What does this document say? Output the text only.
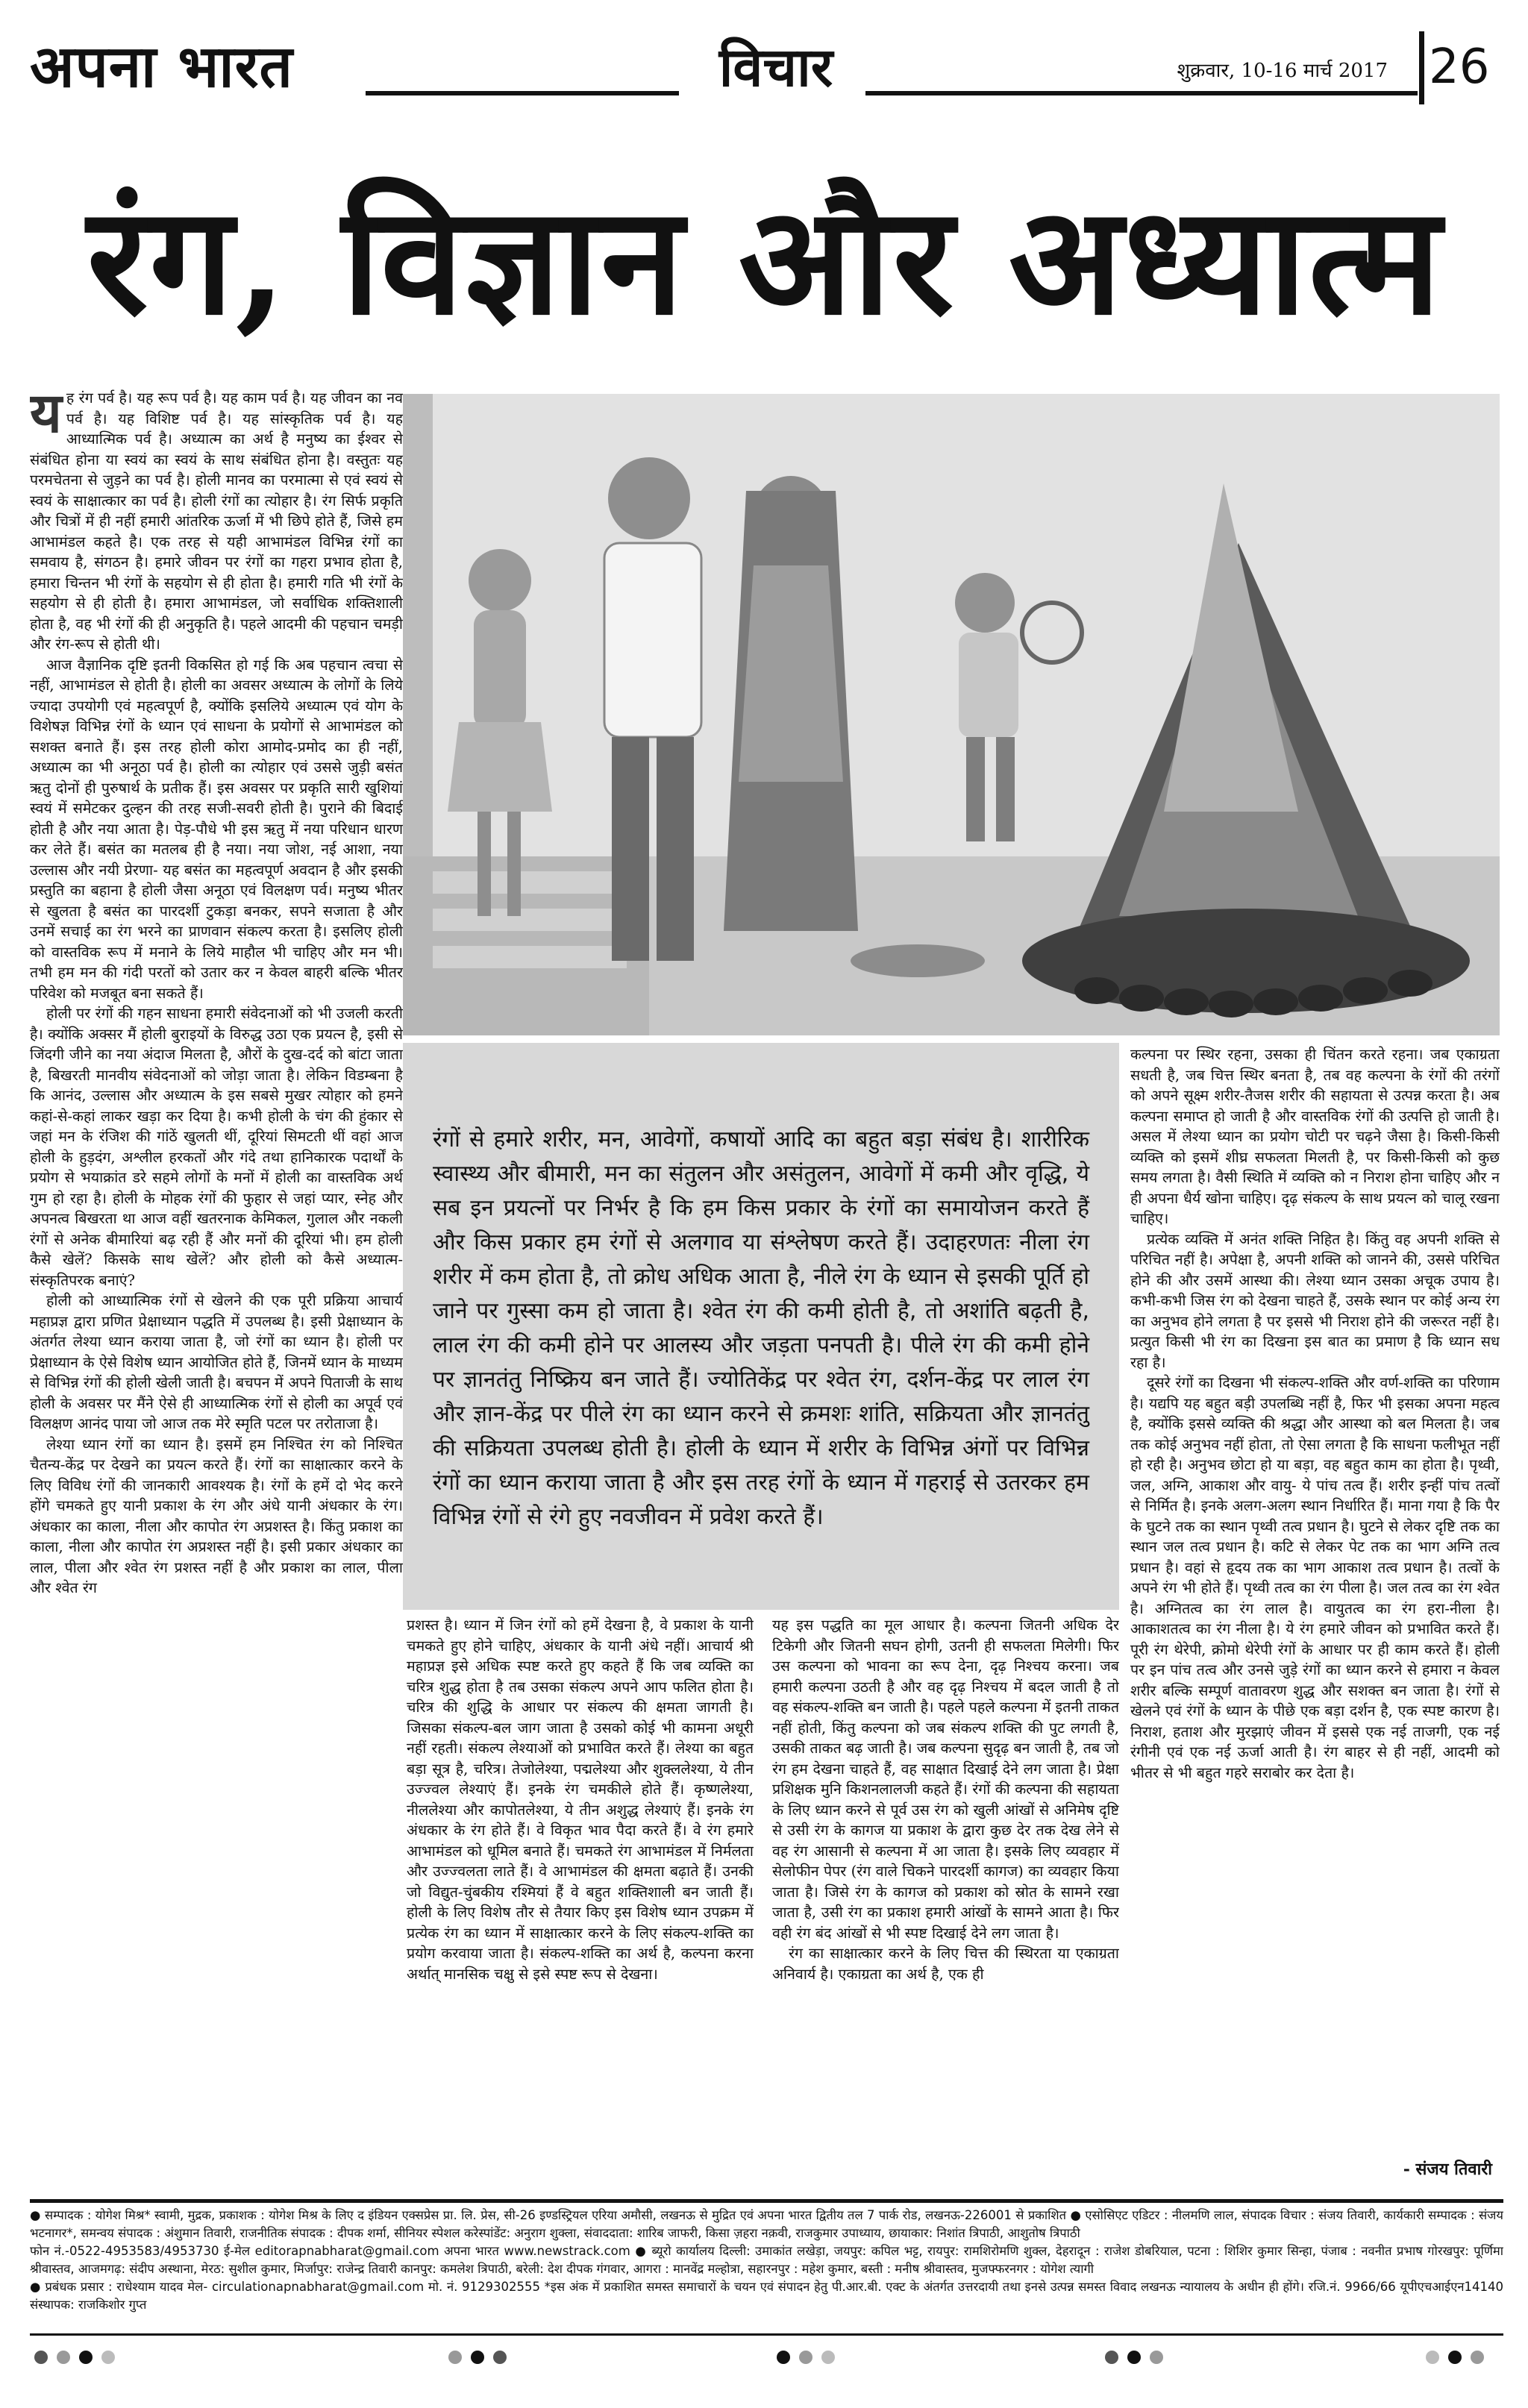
अपना भारत	विचार	शुक्रवार, 10-16 मार्च 2017 26
रंग, विज्ञान और अध्यात्म
य ह रंग पर्व है। यह रूप पर्व है। यह काम पर्व है। यह जीवन का नव पर्व है। यह विशिष्ट पर्व है। यह सांस्कृतिक पर्व है। यह आध्यात्मिक पर्व है। अध्यात्म का अर्थ है मनुष्य का ईश्वर से संबंधित होना या स्वयं का स्वयं के साथ संबंधित होना है। वस्तुतः यह परमचेतना से जुड़ने का पर्व है। होली मानव का परमात्मा से एवं स्वयं से स्वयं के साक्षात्कार का पर्व है। होली रंगों का त्योहार है। रंग सिर्फ प्रकृति और चित्रों में ही नहीं हमारी आंतरिक ऊर्जा में भी छिपे होते हैं, जिसे हम आभामंडल कहते है। एक तरह से यही आभामंडल विभिन्न रंगों का समवाय है, संगठन है। हमारे जीवन पर रंगों का गहरा प्रभाव होता है, हमारा चिन्तन भी रंगों के सहयोग से ही होता है। हमारी गति भी रंगों के सहयोग से ही होती है। हमारा आभामंडल, जो सर्वाधिक शक्तिशाली होता है, वह भी रंगों की ही अनुकृति है। पहले आदमी की पहचान चमड़ी और रंग-रूप से होती थी।

आज वैज्ञानिक दृष्टि इतनी विकसित हो गई कि अब पहचान त्वचा से नहीं, आभामंडल से होती है। होली का अवसर अध्यात्म के लोगों के लिये ज्यादा उपयोगी एवं महत्वपूर्ण है, क्योंकि इसलिये अध्यात्म एवं योग के विशेषज्ञ विभिन्न रंगों के ध्यान एवं साधना के प्रयोगों से आभामंडल को सशक्त बनाते हैं। इस तरह होली कोरा आमोद-प्रमोद का ही नहीं, अध्यात्म का भी अनूठा पर्व है। होली का त्योहार एवं उससे जुड़ी बसंत ऋतु दोनों ही पुरुषार्थ के प्रतीक हैं। इस अवसर पर प्रकृति सारी खुशियां स्वयं में समेटकर दुल्हन की तरह सजी-सवरी होती है। पुराने की बिदाई होती है और नया आता है। पेड़-पौधे भी इस ऋतु में नया परिधान धारण कर लेते हैं। बसंत का मतलब ही है नया। नया जोश, नई आशा, नया उल्लास और नयी प्रेरणा- यह बसंत का महत्वपूर्ण अवदान है और इसकी प्रस्तुति का बहाना है होली जैसा अनूठा एवं विलक्षण पर्व। मनुष्य भीतर से खुलता है बसंत का पारदर्शी टुकड़ा बनकर, सपने सजाता है और उनमें सचाई का रंग भरने का प्राणवान संकल्प करता है। इसलिए होली को वास्तविक रूप में मनाने के लिये माहौल भी चाहिए और मन भी। तभी हम मन की गंदी परतों को उतार कर न केवल बाहरी बल्कि भीतर परिवेश को मजबूत बना सकते हैं।

होली पर रंगों की गहन साधना हमारी संवेदनाओं को भी उजली करती है। क्योंकि अक्सर मैं होली बुराइयों के विरुद्ध उठा एक प्रयत्न है, इसी से जिंदगी जीने का नया अंदाज मिलता है, औरों के दुख-दर्द को बांटा जाता है, बिखरती मानवीय संवेदनाओं को जोड़ा जाता है। लेकिन विडम्बना है कि आनंद, उल्लास और अध्यात्म के इस सबसे मुखर त्योहार को हमने कहां-से-कहां लाकर खड़ा कर दिया है। कभी होली के चंग की हुंकार से जहां मन के रंजिश की गांठें खुलती थीं, दूरियां सिमटती थीं वहां आज होली के हुड़दंग, अश्लील हरकतों और गंदे तथा हानिकारक पदार्थों के प्रयोग से भयाक्रांत डरे सहमे लोगों के मनों में होली का वास्तविक अर्थ गुम हो रहा है। होली के मोहक रंगों की फुहार से जहां प्यार, स्नेह और अपनत्व बिखरता था आज वहीं खतरनाक केमिकल, गुलाल और नकली रंगों से अनेक बीमारियां बढ़ रही हैं और मनों की दूरियां भी। हम होली कैसे खेलें? किसके साथ खेलें? और होली को कैसे अध्यात्म-संस्कृतिपरक बनाएं?

होली को आध्यात्मिक रंगों से खेलने की एक पूरी प्रक्रिया आचार्य महाप्रज्ञ द्वारा प्रणित प्रेक्षाध्यान पद्धति में उपलब्ध है। इसी प्रेक्षाध्यान के अंतर्गत लेश्या ध्यान कराया जाता है, जो रंगों का ध्यान है। होली पर प्रेक्षाध्यान के ऐसे विशेष ध्यान आयोजित होते हैं, जिनमें ध्यान के माध्यम से विभिन्न रंगों की होली खेली जाती है। बचपन में अपने पिताजी के साथ होली के अवसर पर मैंने ऐसे ही आध्यात्मिक रंगों से होली का अपूर्व एवं विलक्षण आनंद पाया जो आज तक मेरे स्मृति पटल पर तरोताजा है।

लेश्या ध्यान रंगों का ध्यान है। इसमें हम निश्चित रंग को निश्चित चैतन्य-केंद्र पर देखने का प्रयत्न करते हैं। रंगों का साक्षात्कार करने के लिए विविध रंगों की जानकारी आवश्यक है। रंगों के हमें दो भेद करने होंगे चमकते हुए यानी प्रकाश के रंग और अंधे यानी अंधकार के रंग। अंधकार का काला, नीला और कापोत रंग अप्रशस्त है। किंतु प्रकाश का काला, नीला और कापोत रंग अप्रशस्त नहीं है। इसी प्रकार अंधकार का लाल, पीला और श्वेत रंग प्रशस्त नहीं है और प्रकाश का लाल, पीला और श्वेत रंग

रंगों से हमारे शरीर, मन, आवेगों, कषायों आदि का बहुत बड़ा संबंध है। शारीरिक स्वास्थ्य और बीमारी, मन का संतुलन और असंतुलन, आवेगों में कमी और वृद्धि, ये सब इन प्रयत्नों पर निर्भर है कि हम किस प्रकार के रंगों का समायोजन करते हैं और किस प्रकार हम रंगों से अलगाव या संश्लेषण करते हैं। उदाहरणतः नीला रंग शरीर में कम होता है, तो क्रोध अधिक आता है, नीले रंग के ध्यान से इसकी पूर्ति हो जाने पर गुस्सा कम हो जाता है। श्वेत रंग की कमी होती है, तो अशांति बढ़ती है, लाल रंग की कमी होने पर आलस्य और जड़ता पनपती है। पीले रंग की कमी होने पर ज्ञानतंतु निष्क्रिय बन जाते हैं। ज्योतिकेंद्र पर श्वेत रंग, दर्शन-केंद्र पर लाल रंग और ज्ञान-केंद्र पर पीले रंग का ध्यान करने से क्रमशः शांति, सक्रियता और ज्ञानतंतु की सक्रियता उपलब्ध होती है। होली के ध्यान में शरीर के विभिन्न अंगों पर विभिन्न रंगों का ध्यान कराया जाता है और इस तरह रंगों के ध्यान में गहराई से उतरकर हम विभिन्न रंगों से रंगे हुए नवजीवन में प्रवेश करते हैं।

कल्पना पर स्थिर रहना, उसका ही चिंतन करते रहना। जब एकाग्रता सधती है, जब चित्त स्थिर बनता है, तब वह कल्पना के रंगों की तरंगों को अपने सूक्ष्म शरीर-तैजस शरीर की सहायता से उत्पन्न करता है। अब कल्पना समाप्त हो जाती है और वास्तविक रंगों की उत्पत्ति हो जाती है। असल में लेश्या ध्यान का प्रयोग चोटी पर चढ़ने जैसा है। किसी-किसी व्यक्ति को इसमें शीघ्र सफलता मिलती है, पर किसी-किसी को कुछ समय लगता है। वैसी स्थिति में व्यक्ति को न निराश होना चाहिए और न ही अपना धैर्य खोना चाहिए। दृढ़ संकल्प के साथ प्रयत्न को चालू रखना चाहिए।

प्रत्येक व्यक्ति में अनंत शक्ति निहित है। किंतु वह अपनी शक्ति से परिचित नहीं है। अपेक्षा है, अपनी शक्ति को जानने की, उससे परिचित होने की और उसमें आस्था की। लेश्या ध्यान उसका अचूक उपाय है। कभी-कभी जिस रंग को देखना चाहते हैं, उसके स्थान पर कोई अन्य रंग का अनुभव होने लगता है पर इससे भी निराश होने की जरूरत नहीं है। प्रत्युत किसी भी रंग का दिखना इस बात का प्रमाण है कि ध्यान सध रहा है।

दूसरे रंगों का दिखना भी संकल्प-शक्ति और वर्ण-शक्ति का परिणाम है। यद्यपि यह बहुत बड़ी उपलब्धि नहीं है, फिर भी इसका अपना महत्व है, क्योंकि इससे व्यक्ति की श्रद्धा और आस्था को बल मिलता है। जब तक कोई अनुभव नहीं होता, तो ऐसा लगता है कि साधना फलीभूत नहीं हो रही है। अनुभव छोटा हो या बड़ा, वह बहुत काम का होता है। पृथ्वी, जल, अग्नि, आकाश और वायु- ये पांच तत्व हैं। शरीर इन्हीं पांच तत्वों से निर्मित है। इनके अलग-अलग स्थान निर्धारित हैं। माना गया है कि पैर के घुटने तक का स्थान पृथ्वी तत्व प्रधान है। घुटने से लेकर दृष्टि तक का स्थान जल तत्व प्रधान है। कटि से लेकर पेट तक का भाग अग्नि तत्व प्रधान है। वहां से हृदय तक का भाग आकाश तत्व प्रधान है। तत्वों के अपने रंग भी होते हैं। पृथ्वी तत्व का रंग पीला है। जल तत्व का रंग श्वेत है। अग्नितत्व का रंग लाल है। वायुतत्व का रंग हरा-नीला है। आकाशतत्व का रंग नीला है। ये रंग हमारे जीवन को प्रभावित करते हैं। पूरी रंग थेरेपी, क्रोमो थेरेपी रंगों के आधार पर ही काम करते हैं। होली पर इन पांच तत्व और उनसे जुड़े रंगों का ध्यान करने से हमारा न केवल शरीर बल्कि सम्पूर्ण वातावरण शुद्ध और सशक्त बन जाता है। रंगों से खेलने एवं रंगों के ध्यान के पीछे एक बड़ा दर्शन है, एक स्पष्ट कारण है। निराश, हताश और मुरझाएं जीवन में इससे एक नई ताजगी, एक नई रंगीनी एवं एक नई ऊर्जा आती है। रंग बाहर से ही नहीं, आदमी को भीतर से भी बहुत गहरे सराबोर कर देता है।

प्रशस्त है। ध्यान में जिन रंगों को हमें देखना है, वे प्रकाश के यानी चमकते हुए होने चाहिए, अंधकार के यानी अंधे नहीं। आचार्य श्री महाप्रज्ञ इसे अधिक स्पष्ट करते हुए कहते हैं कि जब व्यक्ति का चरित्र शुद्ध होता है तब उसका संकल्प अपने आप फलित होता है। चरित्र की शुद्धि के आधार पर संकल्प की क्षमता जागती है। जिसका संकल्प-बल जाग जाता है उसको कोई भी कामना अधूरी नहीं रहती। संकल्प लेश्याओं को प्रभावित करते हैं। लेश्या का बहुत बड़ा सूत्र है, चरित्र। तेजोलेश्या, पद्मलेश्या और शुक्ललेश्या, ये तीन उज्ज्वल लेश्याएं हैं। इनके रंग चमकीले होते हैं। कृष्णलेश्या, नीललेश्या और कापोतलेश्या, ये तीन अशुद्ध लेश्याएं हैं। इनके रंग अंधकार के रंग होते हैं। वे विकृत भाव पैदा करते हैं। वे रंग हमारे आभामंडल को धूमिल बनाते हैं। चमकते रंग आभामंडल में निर्मलता और उज्ज्वलता लाते हैं। वे आभामंडल की क्षमता बढ़ाते हैं। उनकी जो विद्युत-चुंबकीय रश्मियां हैं वे बहुत शक्तिशाली बन जाती हैं। होली के लिए विशेष तौर से तैयार किए इस विशेष ध्यान उपक्रम में प्रत्येक रंग का ध्यान में साक्षात्कार करने के लिए संकल्प-शक्ति का प्रयोग करवाया जाता है। संकल्प-शक्ति का अर्थ है, कल्पना करना अर्थात् मानसिक चक्षु से इसे स्पष्ट रूप से देखना।

यह इस पद्धति का मूल आधार है। कल्पना जितनी अधिक देर टिकेगी और जितनी सघन होगी, उतनी ही सफलता मिलेगी। फिर उस कल्पना को भावना का रूप देना, दृढ़ निश्चय करना। जब हमारी कल्पना उठती है और वह दृढ़ निश्चय में बदल जाती है तो वह संकल्प-शक्ति बन जाती है। पहले पहले कल्पना में इतनी ताकत नहीं होती, किंतु कल्पना को जब संकल्प शक्ति की पुट लगती है, उसकी ताकत बढ़ जाती है। जब कल्पना सुदृढ़ बन जाती है, तब जो रंग हम देखना चाहते हैं, वह साक्षात दिखाई देने लग जाता है। प्रेक्षा प्रशिक्षक मुनि किशनलालजी कहते हैं। रंगों की कल्पना की सहायता के लिए ध्यान करने से पूर्व उस रंग को खुली आंखों से अनिमेष दृष्टि से उसी रंग के कागज या प्रकाश के द्वारा कुछ देर तक देख लेने से वह रंग आसानी से कल्पना में आ जाता है। इसके लिए व्यवहार में सेलोफीन पेपर (रंग वाले चिकने पारदर्शी कागज) का व्यवहार किया जाता है। जिसे रंग के कागज को प्रकाश को स्रोत के सामने रखा जाता है, उसी रंग का प्रकाश हमारी आंखों के सामने आता है। फिर वही रंग बंद आंखों से भी स्पष्ट दिखाई देने लग जाता है।

रंग का साक्षात्कार करने के लिए चित्त की स्थिरता या एकाग्रता अनिवार्य है। एकाग्रता का अर्थ है, एक ही

- संजय तिवारी
● सम्पादक : योगेश मिश्र* स्वामी, मुद्रक, प्रकाशक : योगेश मिश्र के लिए द इंडियन एक्सप्रेस प्रा. लि. प्रेस, सी-26 इण्डस्ट्रियल एरिया अमौसी, लखनऊ से मुद्रित एवं अपना भारत द्वितीय तल 7 पार्क रोड, लखनऊ-226001 से प्रकाशित ● एसोसिएट एडिटर : नीलमणि लाल, संपादक विचार : संजय तिवारी, कार्यकारी सम्पादक : संजय भटनागर*, समन्वय संपादक : अंशुमान तिवारी, राजनीतिक संपादक : दीपक शर्मा, सीनियर स्पेशल करेस्पांडेंट: अनुराग शुक्ला, संवाददाता: शारिब जाफरी, किसा ज़हरा नक़वी, राजकुमार उपाध्याय, छायाकार: निशांत त्रिपाठी, आशुतोष त्रिपाठी
फोन नं.-0522-4953583/4953730 ई-मेल editorapnabharat@gmail.com अपना भारत www.newstrack.com ● ब्यूरो कार्यालय दिल्ली: उमाकांत लखेड़ा, जयपुर: कपिल भट्ट, रायपुर: रामशिरोमणि शुक्ल, देहरादून : राजेश डोबरियाल, पटना : शिशिर कुमार सिन्हा, पंजाब : नवनीत प्रभाष गोरखपुर: पूर्णिमा श्रीवास्तव, आजमगढ़: संदीप अस्थाना, मेरठ: सुशील कुमार, मिर्जापुर: राजेन्द्र तिवारी कानपुर: कमलेश त्रिपाठी, बरेली: देश दीपक गंगवार, आगरा : मानवेंद्र मल्होत्रा, सहारनपुर : महेश कुमार, बस्ती : मनीष श्रीवास्तव, मुजफ्फरनगर : योगेश त्यागी
● प्रबंधक प्रसार : राधेश्याम यादव मेल- circulationapnabharat@gmail.com मो. नं. 9129302555 *इस अंक में प्रकाशित समस्त समाचारों के चयन एवं संपादन हेतु पी.आर.बी. एक्ट के अंतर्गत उत्तरदायी तथा इनसे उत्पन्न समस्त विवाद लखनऊ न्यायालय के अधीन ही होंगे। रजि.नं. 9966/66 यूपीएचआईएन14140 संस्थापक: राजकिशोर गुप्त
